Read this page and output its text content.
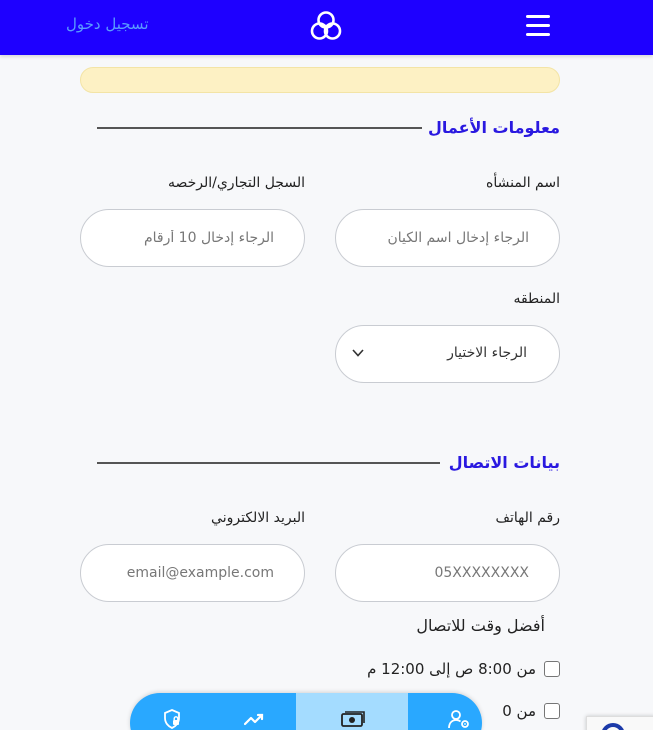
تسجيل دخول
معلومات الأعمال
اسم المنشأه
السجل التجاري/الرخصه
الرجاء إدخال اسم الكيان
الرجاء إدخال 10 أرقام
المنطقه
الرجاء الاختيار
بيانات الاتصال
رقم الهاتف
البريد الالكتروني
05XXXXXXXX
email@example.com
أفضل وقت للاتصال
من 8:00 ص إلى 12:00 م
من 0
